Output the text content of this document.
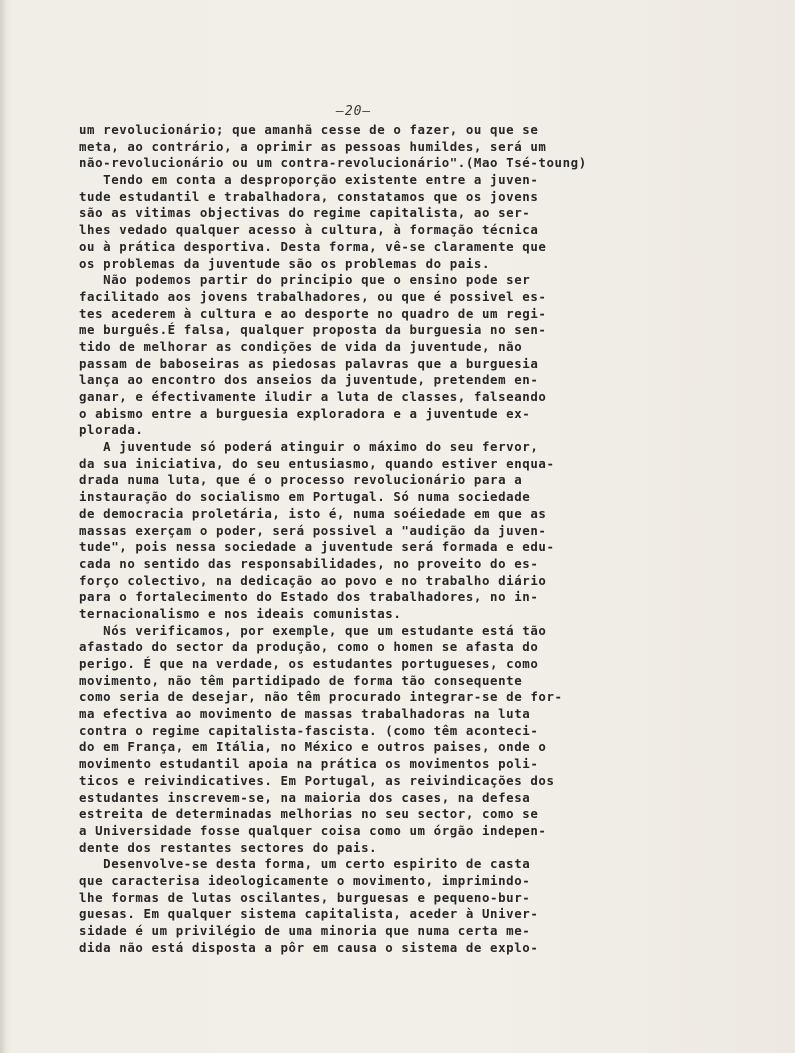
—20—
um revolucionário; que amanhã cesse de o fazer, ou que se
meta, ao contrário, a oprimir as pessoas humildes, será um
não-revolucionário ou um contra-revolucionário".(Mao Tsé-toung)
Tendo em conta a desproporção existente entre a juven-
tude estudantil e trabalhadora, constatamos que os jovens
são as vitimas objectivas do regime capitalista, ao ser-
lhes vedado qualquer acesso à cultura, à formação técnica
ou à prática desportiva. Desta forma, vê-se claramente que
os problemas da juventude são os problemas do pais.
Não podemos partir do principio que o ensino pode ser
facilitado aos jovens trabalhadores, ou que é possivel es-
tes acederem à cultura e ao desporte no quadro de um regi-
me burguês.É falsa, qualquer proposta da burguesia no sen-
tido de melhorar as condições de vida da juventude, não
passam de baboseiras as piedosas palavras que a burguesia
lança ao encontro dos anseios da juventude, pretendem en-
ganar, e éfectivamente iludir a luta de classes, falseando
o abismo entre a burguesia exploradora e a juventude ex-
plorada.
A juventude só poderá atinguir o máximo do seu fervor,
da sua iniciativa, do seu entusiasmo, quando estiver enqua-
drada numa luta, que é o processo revolucionário para a
instauração do socialismo em Portugal. Só numa sociedade
de democracia proletária, isto é, numa soéiedade em que as
massas exerçam o poder, será possivel a "audição da juven-
tude", pois nessa sociedade a juventude será formada e edu-
cada no sentido das responsabilidades, no proveito do es-
forço colectivo, na dedicação ao povo e no trabalho diário
para o fortalecimento do Estado dos trabalhadores, no in-
ternacionalismo e nos ideais comunistas.
Nós verificamos, por exemple, que um estudante está tão
afastado do sector da produção, como o homen se afasta do
perigo. É que na verdade, os estudantes portugueses, como
movimento, não têm partidipado de forma tão consequente
como seria de desejar, não têm procurado integrar-se de for-
ma efectiva ao movimento de massas trabalhadoras na luta
contra o regime capitalista-fascista. (como têm aconteci-
do em França, em Itália, no México e outros paises, onde o
movimento estudantil apoia na prática os movimentos poli-
ticos e reivindicatives. Em Portugal, as reivindicações dos
estudantes inscrevem-se, na maioria dos cases, na defesa
estreita de determinadas melhorias no seu sector, como se
a Universidade fosse qualquer coisa como um órgão indepen-
dente dos restantes sectores do pais.
Desenvolve-se desta forma, um certo espirito de casta
que caracterisa ideologicamente o movimento, imprimindo-
lhe formas de lutas oscilantes, burguesas e pequeno-bur-
guesas. Em qualquer sistema capitalista, aceder à Univer-
sidade é um privilégio de uma minoria que numa certa me-
dida não está disposta a pôr em causa o sistema de explo-
